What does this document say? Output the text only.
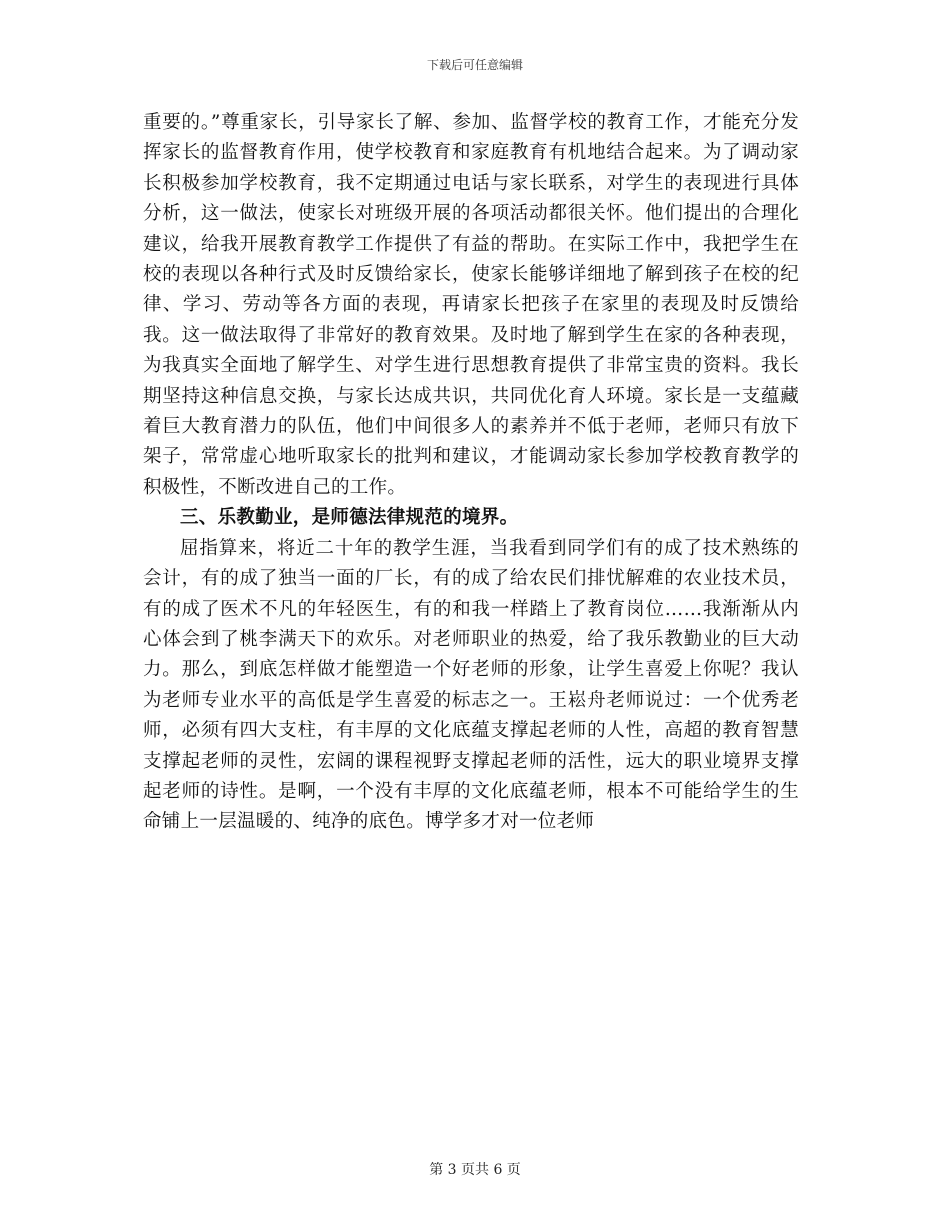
下载后可任意编辑

重要的。”尊重家长，引导家长了解、参加、监督学校的教育工作，才能充分发挥家长的监督教育作用，使学校教育和家庭教育有机地结合起来。为了调动家长积极参加学校教育，我不定期通过电话与家长联系，对学生的表现进行具体分析，这一做法，使家长对班级开展的各项活动都很关怀。他们提出的合理化建议，给我开展教育教学工作提供了有益的帮助。在实际工作中，我把学生在校的表现以各种行式及时反馈给家长，使家长能够详细地了解到孩子在校的纪律、学习、劳动等各方面的表现，再请家长把孩子在家里的表现及时反馈给我。这一做法取得了非常好的教育效果。及时地了解到学生在家的各种表现，为我真实全面地了解学生、对学生进行思想教育提供了非常宝贵的资料。我长期坚持这种信息交换，与家长达成共识，共同优化育人环境。家长是一支蕴藏着巨大教育潜力的队伍，他们中间很多人的素养并不低于老师，老师只有放下架子，常常虚心地听取家长的批判和建议，才能调动家长参加学校教育教学的积极性，不断改进自己的工作。

三、乐教勤业，是师德法律规范的境界。

屈指算来，将近二十年的教学生涯，当我看到同学们有的成了技术熟练的会计，有的成了独当一面的厂长，有的成了给农民们排忧解难的农业技术员，有的成了医术不凡的年轻医生，有的和我一样踏上了教育岗位……我渐渐从内心体会到了桃李满天下的欢乐。对老师职业的热爱，给了我乐教勤业的巨大动力。那么，到底怎样做才能塑造一个好老师的形象，让学生喜爱上你呢？我认为老师专业水平的高低是学生喜爱的标志之一。王崧舟老师说过：一个优秀老师，必须有四大支柱，有丰厚的文化底蕴支撑起老师的人性，高超的教育智慧支撑起老师的灵性，宏阔的课程视野支撑起老师的活性，远大的职业境界支撑起老师的诗性。是啊，一个没有丰厚的文化底蕴老师，根本不可能给学生的生命铺上一层温暖的、纯净的底色。博学多才对一位老师

第 3 页共 6 页
